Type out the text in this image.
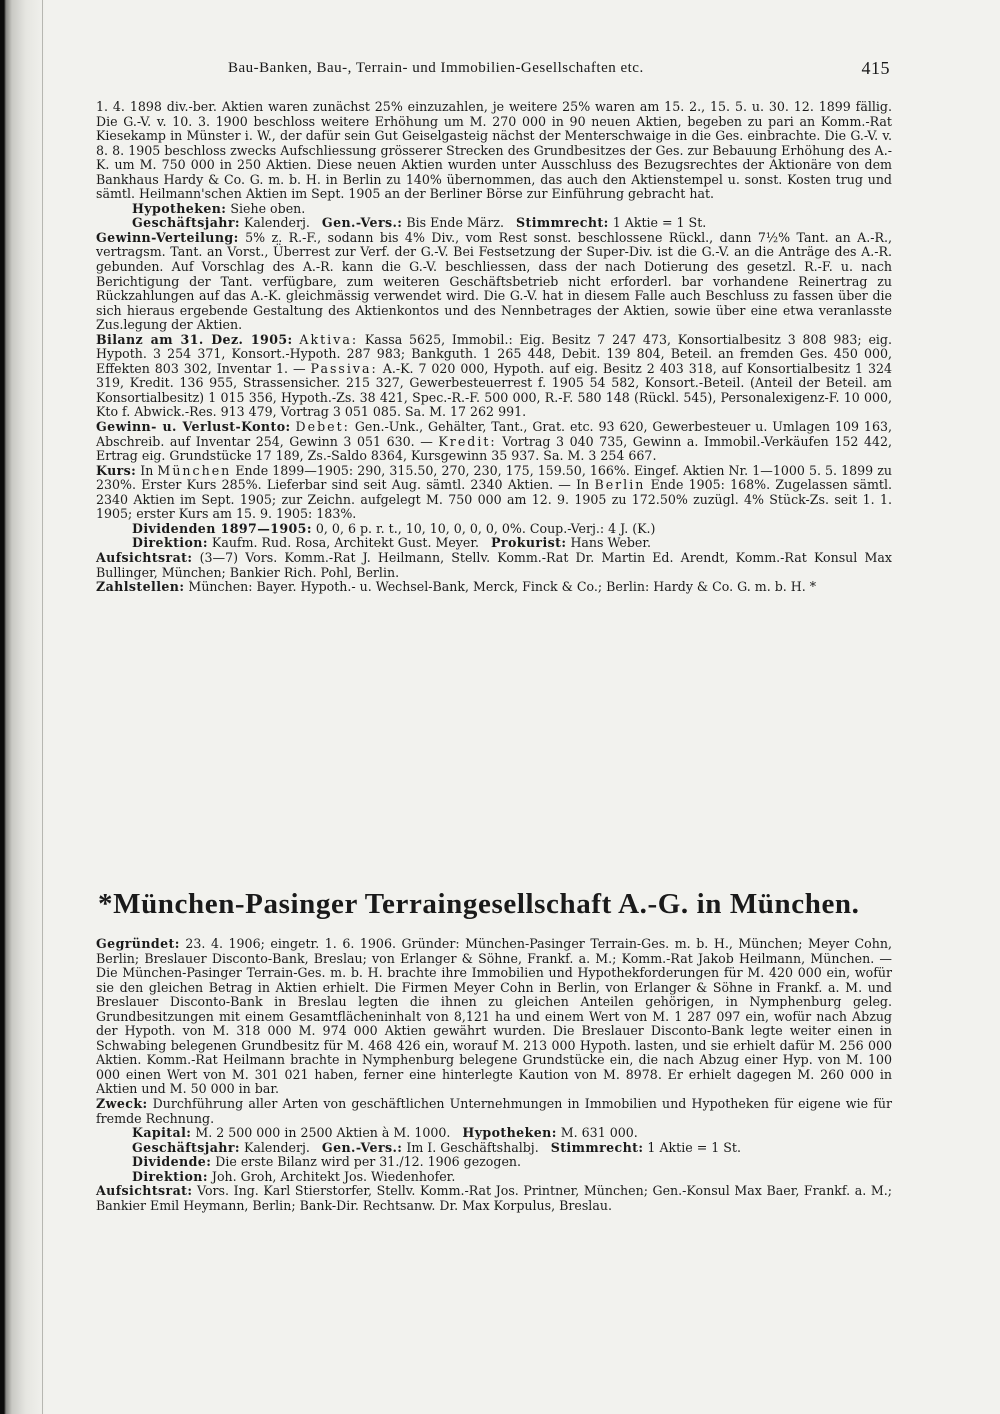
Bau-Banken, Bau-, Terrain- und Immobilien-Gesellschaften etc.	415

1. 4. 1898 div.-ber. Aktien waren zunächst 25% einzuzahlen, je weitere 25% waren am 15. 2., 15. 5. u. 30. 12. 1899 fällig. Die G.-V. v. 10. 3. 1900 beschloss weitere Erhöhung um M. 270 000 in 90 neuen Aktien, begeben zu pari an Komm.-Rat Kiesekamp in Münster i. W., der dafür sein Gut Geiselgasteig nächst der Menterschwaige in die Ges. einbrachte. Die G.-V. v. 8. 8. 1905 beschloss zwecks Aufschliessung grösserer Strecken des Grundbesitzes der Ges. zur Bebauung Erhöhung des A.-K. um M. 750 000 in 250 Aktien. Diese neuen Aktien wurden unter Ausschluss des Bezugsrechtes der Aktionäre von dem Bankhaus Hardy & Co. G. m. b. H. in Berlin zu 140% übernommen, das auch den Aktienstempel u. sonst. Kosten trug und sämtl. Heilmann'schen Aktien im Sept. 1905 an der Berliner Börse zur Einführung gebracht hat.

Hypotheken: Siehe oben.

Geschäftsjahr: Kalenderj. Gen.-Vers.: Bis Ende März. Stimmrecht: 1 Aktie = 1 St.

Gewinn-Verteilung: 5% z. R.-F., sodann bis 4% Div., vom Rest sonst. beschlossene Rückl., dann 7½% Tant. an A.-R., vertragsm. Tant. an Vorst., Überrest zur Verf. der G.-V. Bei Festsetzung der Super-Div. ist die G.-V. an die Anträge des A.-R. gebunden. Auf Vorschlag des A.-R. kann die G.-V. beschliessen, dass der nach Dotierung des gesetzl. R.-F. u. nach Berichtigung der Tant. verfügbare, zum weiteren Geschäftsbetrieb nicht erforderl. bar vorhandene Reinertrag zu Rückzahlungen auf das A.-K. gleichmässig verwendet wird. Die G.-V. hat in diesem Falle auch Beschluss zu fassen über die sich hieraus ergebende Gestaltung des Aktienkontos und des Nennbetrages der Aktien, sowie über eine etwa veranlasste Zus.legung der Aktien.

Bilanz am 31. Dez. 1905: Aktiva: Kassa 5625, Immobil.: Eig. Besitz 7 247 473, Konsortialbesitz 3 808 983; eig. Hypoth. 3 254 371, Konsort.-Hypoth. 287 983; Bankguth. 1 265 448, Debit. 139 804, Beteil. an fremden Ges. 450 000, Effekten 803 302, Inventar 1. — Passiva: A.-K. 7 020 000, Hypoth. auf eig. Besitz 2 403 318, auf Konsortialbesitz 1 324 319, Kredit. 136 955, Strassensicher. 215 327, Gewerbesteuerrest f. 1905 54 582, Konsort.-Beteil. (Anteil der Beteil. am Konsortialbesitz) 1 015 356, Hypoth.-Zs. 38 421, Spec.-R.-F. 500 000, R.-F. 580 148 (Rückl. 545), Personalexigenz-F. 10 000, Kto f. Abwick.-Res. 913 479, Vortrag 3 051 085. Sa. M. 17 262 991.

Gewinn- u. Verlust-Konto: Debet: Gen.-Unk., Gehälter, Tant., Grat. etc. 93 620, Gewerbesteuer u. Umlagen 109 163, Abschreib. auf Inventar 254, Gewinn 3 051 630. — Kredit: Vortrag 3 040 735, Gewinn a. Immobil.-Verkäufen 152 442, Ertrag eig. Grundstücke 17 189, Zs.-Saldo 8364, Kursgewinn 35 937. Sa. M. 3 254 667.

Kurs: In München Ende 1899—1905: 290, 315.50, 270, 230, 175, 159.50, 166%. Eingef. Aktien Nr. 1—1000 5. 5. 1899 zu 230%. Erster Kurs 285%. Lieferbar sind seit Aug. sämtl. 2340 Aktien. — In Berlin Ende 1905: 168%. Zugelassen sämtl. 2340 Aktien im Sept. 1905; zur Zeichn. aufgelegt M. 750 000 am 12. 9. 1905 zu 172.50% zuzügl. 4% Stück-Zs. seit 1. 1. 1905; erster Kurs am 15. 9. 1905: 183%.

Dividenden 1897—1905: 0, 0, 6 p. r. t., 10, 10, 0, 0, 0, 0%. Coup.-Verj.: 4 J. (K.)

Direktion: Kaufm. Rud. Rosa, Architekt Gust. Meyer. Prokurist: Hans Weber.

Aufsichtsrat: (3—7) Vors. Komm.-Rat J. Heilmann, Stellv. Komm.-Rat Dr. Martin Ed. Arendt, Komm.-Rat Konsul Max Bullinger, München; Bankier Rich. Pohl, Berlin.

Zahlstellen: München: Bayer. Hypoth.- u. Wechsel-Bank, Merck, Finck & Co.; Berlin: Hardy & Co. G. m. b. H. *

*München-Pasinger Terraingesellschaft A.-G. in München.

Gegründet: 23. 4. 1906; eingetr. 1. 6. 1906. Gründer: München-Pasinger Terrain-Ges. m. b. H., München; Meyer Cohn, Berlin; Breslauer Disconto-Bank, Breslau; von Erlanger & Söhne, Frankf. a. M.; Komm.-Rat Jakob Heilmann, München. — Die München-Pasinger Terrain-Ges. m. b. H. brachte ihre Immobilien und Hypothekforderungen für M. 420 000 ein, wofür sie den gleichen Betrag in Aktien erhielt. Die Firmen Meyer Cohn in Berlin, von Erlanger & Söhne in Frankf. a. M. und Breslauer Disconto-Bank in Breslau legten die ihnen zu gleichen Anteilen gehörigen, in Nymphenburg geleg. Grundbesitzungen mit einem Gesamtflächeninhalt von 8,121 ha und einem Wert von M. 1 287 097 ein, wofür nach Abzug der Hypoth. von M. 318 000 M. 974 000 Aktien gewährt wurden. Die Breslauer Disconto-Bank legte weiter einen in Schwabing belegenen Grundbesitz für M. 468 426 ein, worauf M. 213 000 Hypoth. lasten, und sie erhielt dafür M. 256 000 Aktien. Komm.-Rat Heilmann brachte in Nymphenburg belegene Grundstücke ein, die nach Abzug einer Hyp. von M. 100 000 einen Wert von M. 301 021 haben, ferner eine hinterlegte Kaution von M. 8978. Er erhielt dagegen M. 260 000 in Aktien und M. 50 000 in bar.

Zweck: Durchführung aller Arten von geschäftlichen Unternehmungen in Immobilien und Hypotheken für eigene wie für fremde Rechnung.

Kapital: M. 2 500 000 in 2500 Aktien à M. 1000. Hypotheken: M. 631 000.

Geschäftsjahr: Kalenderj. Gen.-Vers.: Im I. Geschäftshalbj. Stimmrecht: 1 Aktie = 1 St.

Dividende: Die erste Bilanz wird per 31./12. 1906 gezogen.

Direktion: Joh. Groh, Architekt Jos. Wiedenhofer.

Aufsichtsrat: Vors. Ing. Karl Stierstorfer, Stellv. Komm.-Rat Jos. Printner, München; Gen.-Konsul Max Baer, Frankf. a. M.; Bankier Emil Heymann, Berlin; Bank-Dir. Rechtsanw. Dr. Max Korpulus, Breslau.
